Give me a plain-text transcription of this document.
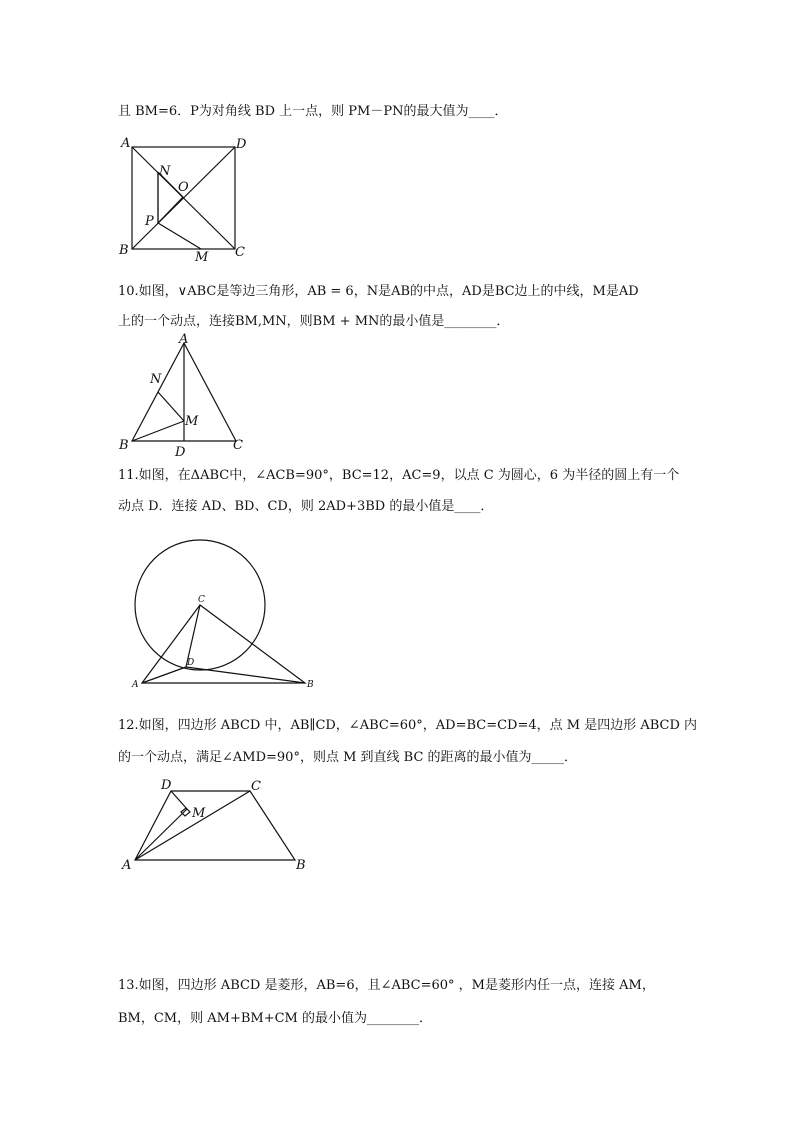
且 BM=6．P为对角线 BD 上一点，则 PM－PN的最大值为____．
A	D
B	C
N
O
P
M
10.如图，∨ABC是等边三角形，AB = 6，N是AB的中点，AD是BC边上的中线，M是AD
上的一个动点，连接BM,MN，则BM + MN的最小值是________．
A
N
M
B	C
D
11.如图，在ΔABC中，∠ACB=90°，BC=12，AC=9，以点 C 为圆心，6 为半径的圆上有一个
动点 D．连接 AD、BD、CD，则 2AD+3BD 的最小值是____．
C
D
A	B
12.如图，四边形 ABCD 中，AB∥CD，∠ABC=60°，AD=BC=CD=4，点 M 是四边形 ABCD 内
的一个动点，满足∠AMD=90°，则点 M 到直线 BC 的距离的最小值为_____．
D	C
M
A	B
13.如图，四边形 ABCD 是菱形，AB=6，且∠ABC=60° ，M是菱形内任一点，连接 AM，
BM，CM，则 AM+BM+CM 的最小值为________．
